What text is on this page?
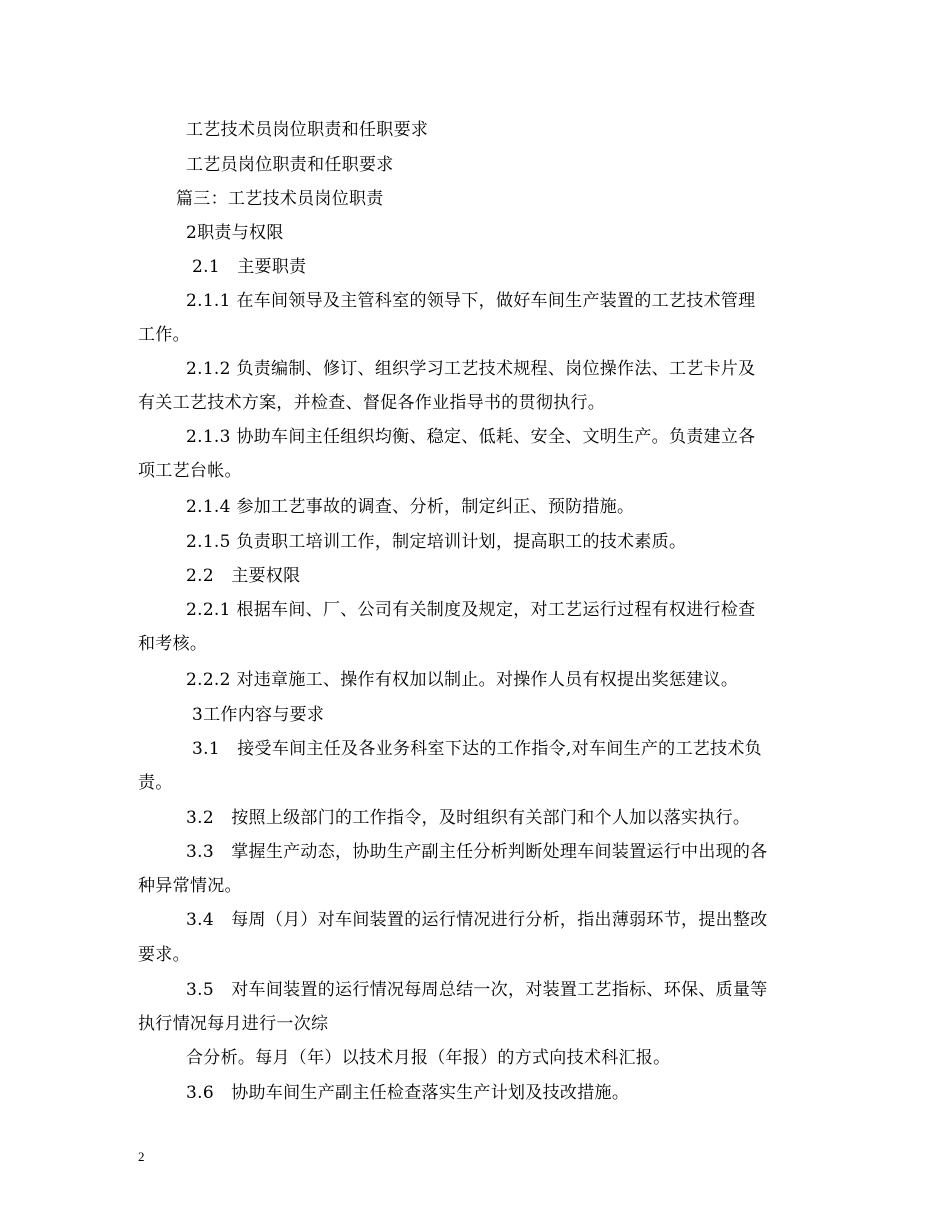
工艺技术员岗位职责和任职要求
工艺员岗位职责和任职要求
篇三：工艺技术员岗位职责
2职责与权限
2.1　主要职责
2.1.1 在车间领导及主管科室的领导下，做好车间生产装置的工艺技术管理
工作。
2.1.2 负责编制、修订、组织学习工艺技术规程、岗位操作法、工艺卡片及
有关工艺技术方案，并检查、督促各作业指导书的贯彻执行。
2.1.3 协助车间主任组织均衡、稳定、低耗、安全、文明生产。负责建立各
项工艺台帐。
2.1.4 参加工艺事故的调查、分析，制定纠正、预防措施。
2.1.5 负责职工培训工作，制定培训计划，提高职工的技术素质。
2.2　主要权限
2.2.1 根据车间、厂、公司有关制度及规定，对工艺运行过程有权进行检查
和考核。
2.2.2 对违章施工、操作有权加以制止。对操作人员有权提出奖惩建议。
3工作内容与要求
3.1　接受车间主任及各业务科室下达的工作指令,对车间生产的工艺技术负
责。
3.2　按照上级部门的工作指令，及时组织有关部门和个人加以落实执行。
3.3　掌握生产动态，协助生产副主任分析判断处理车间装置运行中出现的各
种异常情况。
3.4　每周（月）对车间装置的运行情况进行分析，指出薄弱环节，提出整改
要求。
3.5　对车间装置的运行情况每周总结一次，对装置工艺指标、环保、质量等
执行情况每月进行一次综
合分析。每月（年）以技术月报（年报）的方式向技术科汇报。
3.6　协助车间生产副主任检查落实生产计划及技改措施。
2
